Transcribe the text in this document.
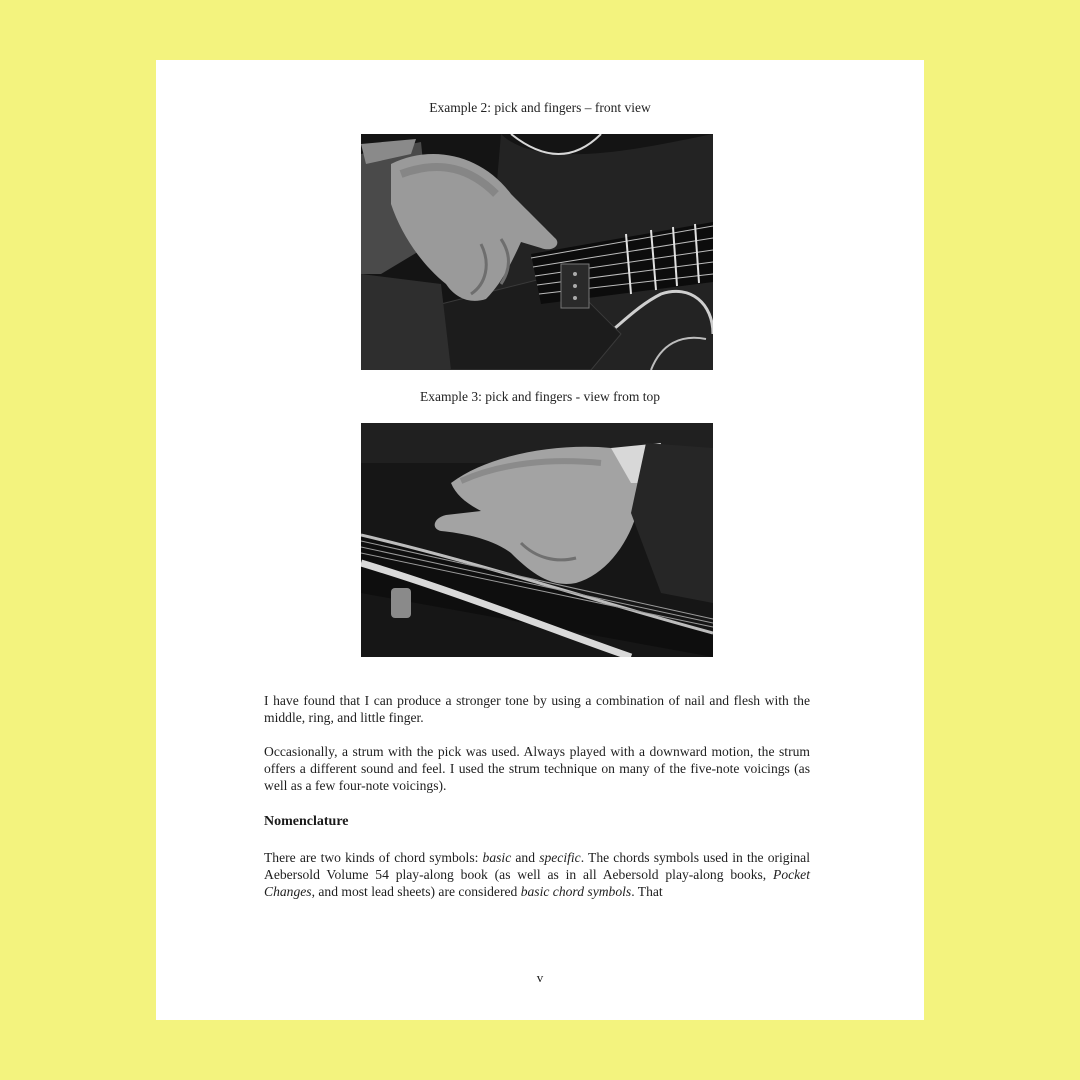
Example 2: pick and fingers – front view
Example 3: pick and fingers - view from top

I have found that I can produce a stronger tone by using a combination of nail and flesh with the middle, ring, and little finger.

Occasionally, a strum with the pick was used. Always played with a downward motion, the strum offers a different sound and feel. I used the strum technique on many of the five-note voicings (as well as a few four-note voicings).

Nomenclature

There are two kinds of chord symbols: basic and specific. The chords symbols used in the original Aebersold Volume 54 play-along book (as well as in all Aebersold play-along books, Pocket Changes, and most lead sheets) are considered basic chord symbols. That

v
